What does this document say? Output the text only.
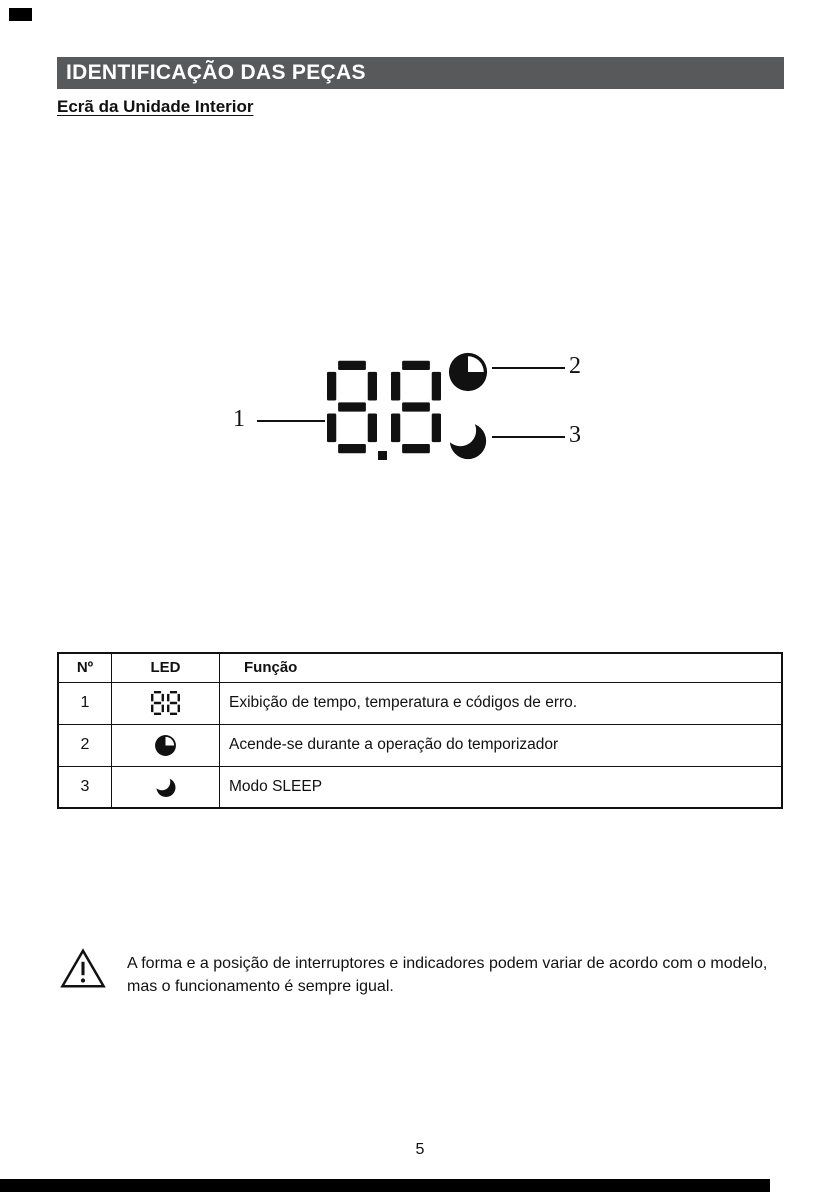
IDENTIFICAÇÃO DAS PEÇAS
Ecrã da Unidade Interior
1
2
3
Nº	LED	Função
1		Exibição de tempo, temperatura e códigos de erro.
2		Acende-se durante a operação do temporizador
3		Modo SLEEP
A forma e a posição de interruptores e indicadores podem variar de acordo com o modelo, mas o funcionamento é sempre igual.
5
